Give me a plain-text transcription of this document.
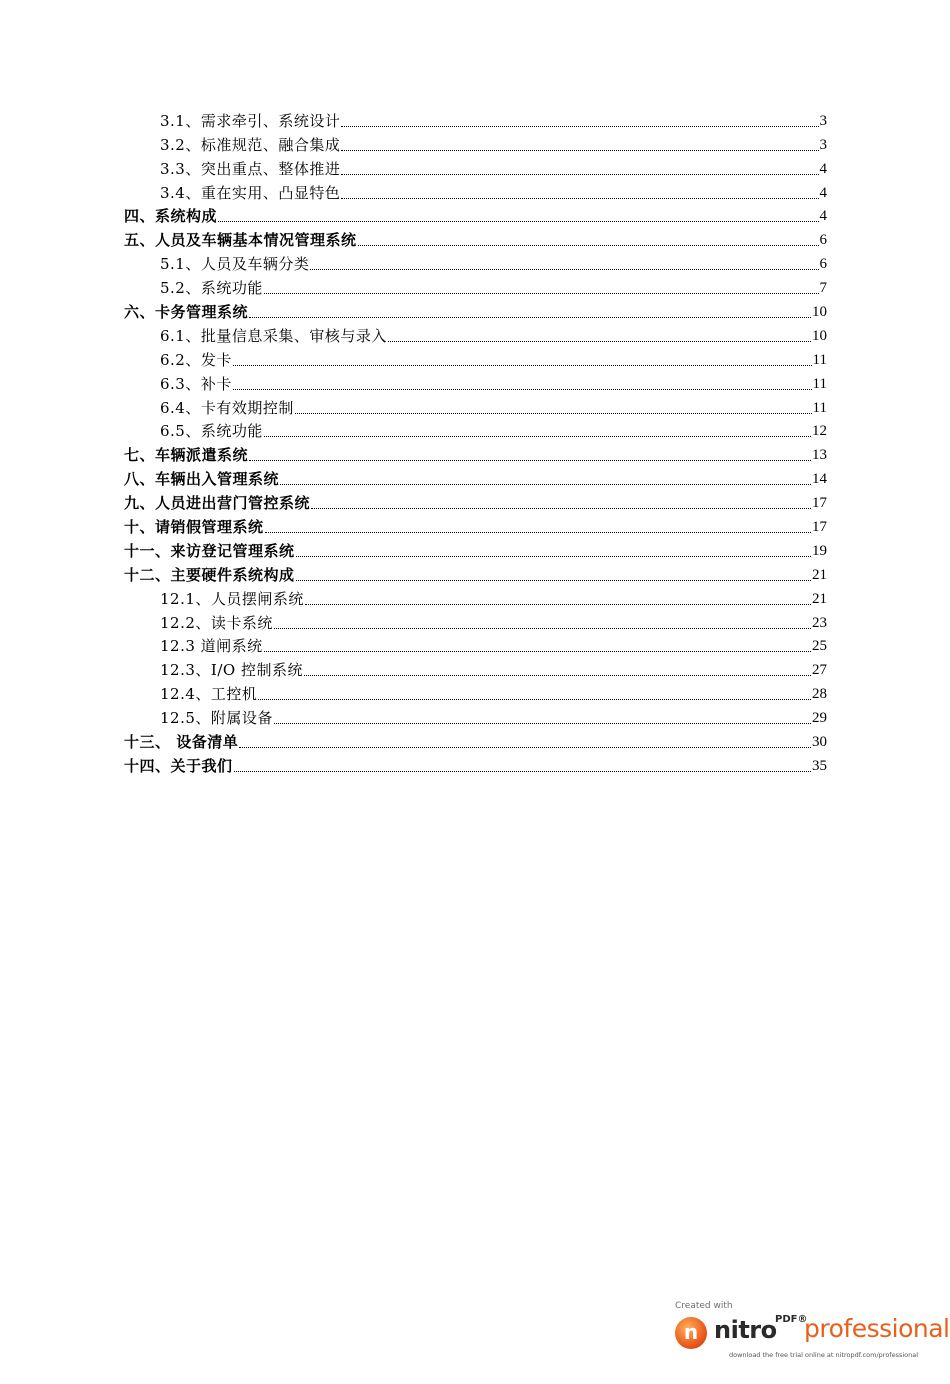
3.1、需求牵引、系统设计	3
3.2、标准规范、融合集成	3
3.3、突出重点、整体推进	4
3.4、重在实用、凸显特色	4
四、系统构成	4
五、人员及车辆基本情况管理系统	6
5.1、人员及车辆分类	6
5.2、系统功能	7
六、卡务管理系统	10
6.1、批量信息采集、审核与录入	10
6.2、发卡	11
6.3、补卡	11
6.4、卡有效期控制	11
6.5、系统功能	12
七、车辆派遣系统	13
八、车辆出入管理系统	14
九、人员进出营门管控系统	17
十、请销假管理系统	17
十一、来访登记管理系统	19
十二、主要硬件系统构成	21
12.1、人员摆闸系统	21
12.2、读卡系统	23
12.3 道闸系统	25
12.3、I/O 控制系统	27
12.4、工控机	28
12.5、附属设备	29
十三、 设备清单	30
十四、关于我们	35
Created with
n nitro
PDF®
professional
download the free trial online at nitropdf.com/professional
